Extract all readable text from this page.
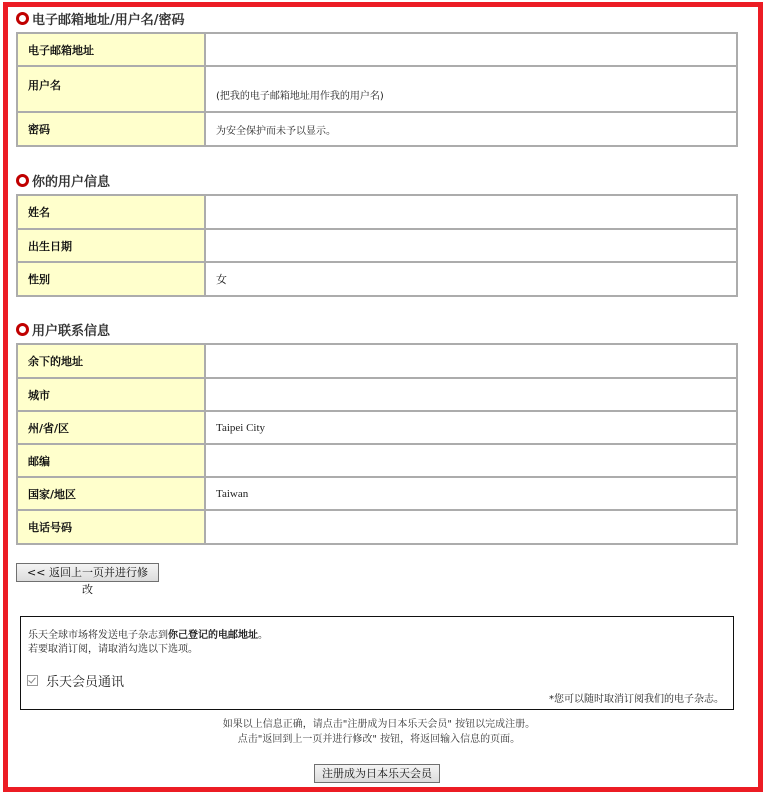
电子邮箱地址/用户名/密码
电子邮箱地址	
用户名	(把我的电子邮箱地址用作我的用户名)
密码	为安全保护而未予以显示。
你的用户信息
姓名	
出生日期	
性别	女
用户联系信息
余下的地址	
城市	
州/省/区	Taipei City
邮编	
国家/地区	Taiwan
电话号码	
<< 返回上一页并进行修改
乐天全球市场将发送电子杂志到你己登记的电邮地址。
若要取消订阅，请取消勾选以下选项。
乐天会员通讯
*您可以随时取消订阅我们的电子杂志。
如果以上信息正确，请点击"注册成为日本乐天会员" 按钮以完成注册。
点击"返回到上一页并进行修改" 按钮，将返回输入信息的页面。
注册成为日本乐天会员
